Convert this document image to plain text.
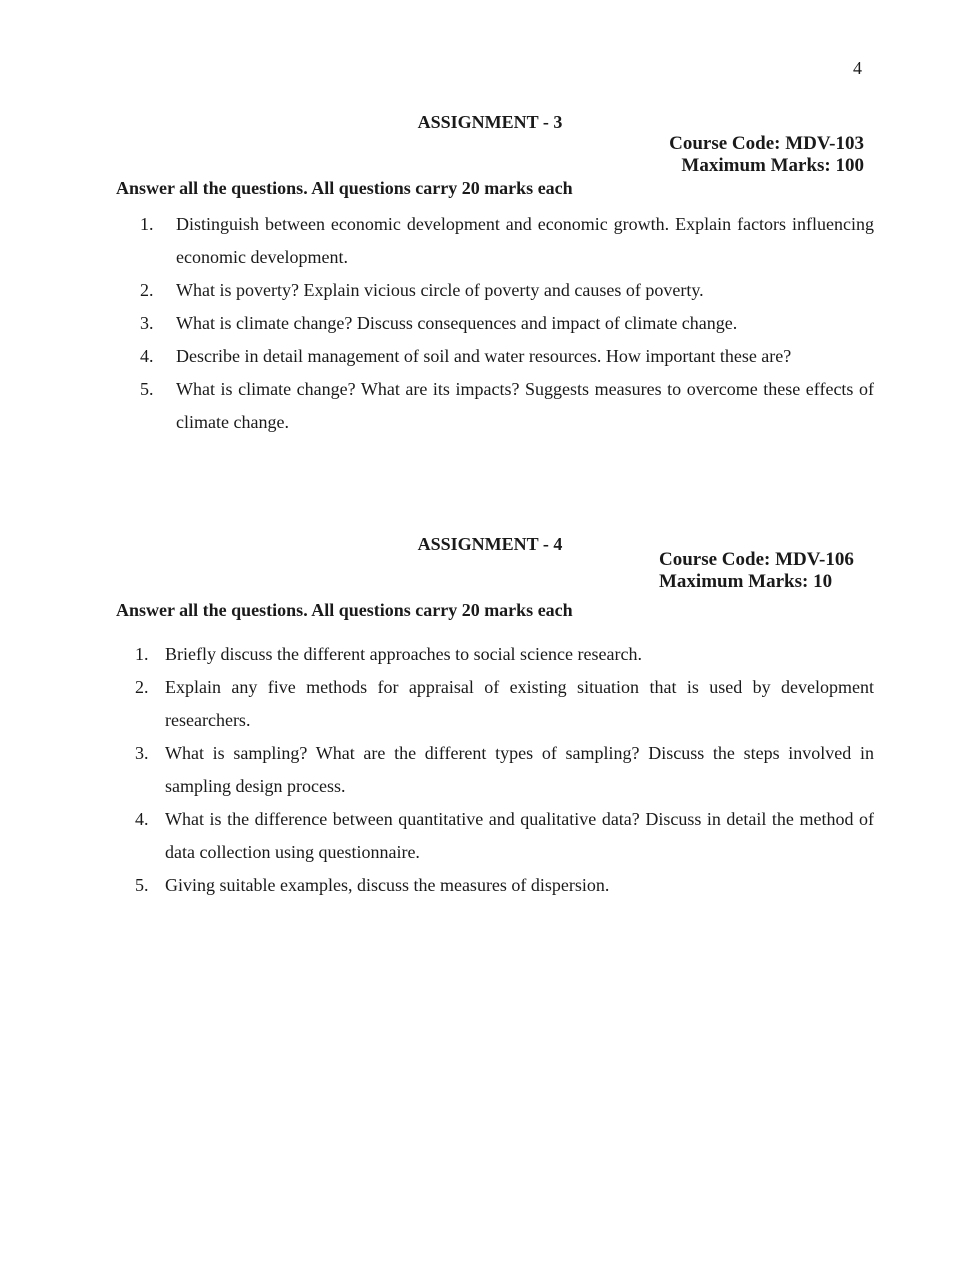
4
ASSIGNMENT - 3
Course Code: MDV-103
Maximum Marks: 100
Answer all the questions. All questions carry 20 marks each
1. Distinguish between economic development and economic growth. Explain factors influencing economic development.
2. What is poverty? Explain vicious circle of poverty and causes of poverty.
3. What is climate change? Discuss consequences and impact of climate change.
4. Describe in detail management of soil and water resources. How important these are?
5. What is climate change? What are its impacts? Suggests measures to overcome these effects of climate change.
ASSIGNMENT - 4
Course Code: MDV-106
Maximum Marks: 10
Answer all the questions. All questions carry 20 marks each
1. Briefly discuss the different approaches to social science research.
2. Explain any five methods for appraisal of existing situation that is used by development researchers.
3. What is sampling? What are the different types of sampling? Discuss the steps involved in sampling design process.
4. What is the difference between quantitative and qualitative data? Discuss in detail the method of data collection using questionnaire.
5. Giving suitable examples, discuss the measures of dispersion.
